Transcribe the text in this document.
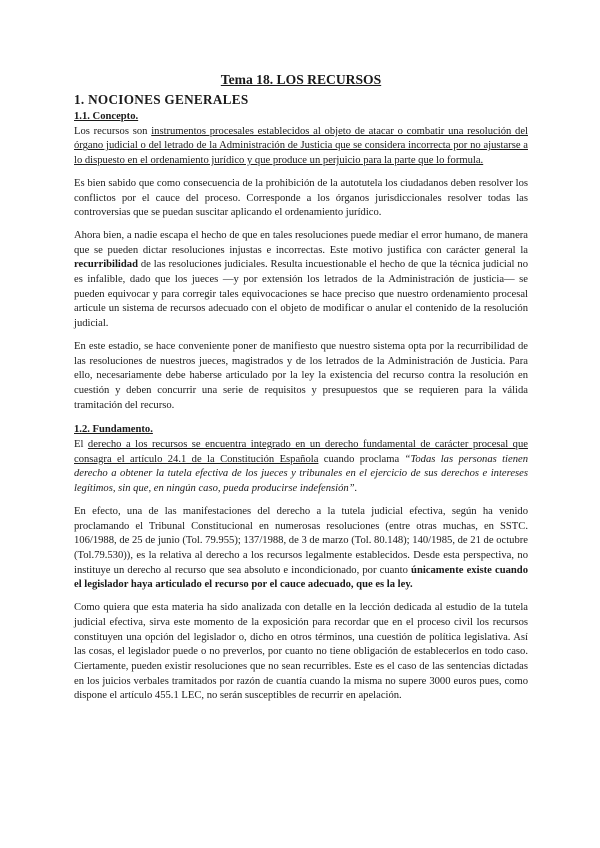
Tema 18. LOS RECURSOS
1. NOCIONES GENERALES
1.1. Concepto.

Los recursos son instrumentos procesales establecidos al objeto de atacar o combatir una resolución del órgano judicial o del letrado de la Administración de Justicia que se considera incorrecta por no ajustarse a lo dispuesto en el ordenamiento jurídico y que produce un perjuicio para la parte que lo formula.

Es bien sabido que como consecuencia de la prohibición de la autotutela los ciudadanos deben resolver los conflictos por el cauce del proceso. Corresponde a los órganos jurisdiccionales resolver todas las controversias que se puedan suscitar aplicando el ordenamiento jurídico.

Ahora bien, a nadie escapa el hecho de que en tales resoluciones puede mediar el error humano, de manera que se pueden dictar resoluciones injustas e incorrectas. Este motivo justifica con carácter general la recurribilidad de las resoluciones judiciales. Resulta incuestionable el hecho de que la técnica judicial no es infalible, dado que los jueces —y por extensión los letrados de la Administración de justicia— se pueden equivocar y para corregir tales equivocaciones se hace preciso que nuestro ordenamiento procesal articule un sistema de recursos adecuado con el objeto de modificar o anular el contenido de la resolución judicial.

En este estadio, se hace conveniente poner de manifiesto que nuestro sistema opta por la recurribilidad de las resoluciones de nuestros jueces, magistrados y de los letrados de la Administración de Justicia. Para ello, necesariamente debe haberse articulado por la ley la existencia del recurso contra la resolución en cuestión y deben concurrir una serie de requisitos y presupuestos que se requieren para la válida tramitación del recurso.

1.2. Fundamento.

El derecho a los recursos se encuentra integrado en un derecho fundamental de carácter procesal que consagra el artículo 24.1 de la Constitución Española cuando proclama “Todas las personas tienen derecho a obtener la tutela efectiva de los jueces y tribunales en el ejercicio de sus derechos e intereses legítimos, sin que, en ningún caso, pueda producirse indefensión”.

En efecto, una de las manifestaciones del derecho a la tutela judicial efectiva, según ha venido proclamando el Tribunal Constitucional en numerosas resoluciones (entre otras muchas, en SSTC. 106/1988, de 25 de junio (Tol. 79.955); 137/1988, de 3 de marzo (Tol. 80.148); 140/1985, de 21 de octubre (Tol.79.530)), es la relativa al derecho a los recursos legalmente establecidos. Desde esta perspectiva, no instituye un derecho al recurso que sea absoluto e incondicionado, por cuanto únicamente existe cuando el legislador haya articulado el recurso por el cauce adecuado, que es la ley.

Como quiera que esta materia ha sido analizada con detalle en la lección dedicada al estudio de la tutela judicial efectiva, sirva este momento de la exposición para recordar que en el proceso civil los recursos constituyen una opción del legislador o, dicho en otros términos, una cuestión de política legislativa. Así las cosas, el legislador puede o no preverlos, por cuanto no tiene obligación de establecerlos en todo caso. Ciertamente, pueden existir resoluciones que no sean recurribles. Este es el caso de las sentencias dictadas en los juicios verbales tramitados por razón de cuantía cuando la misma no supere 3000 euros pues, como dispone el artículo 455.1 LEC, no serán susceptibles de recurrir en apelación.
